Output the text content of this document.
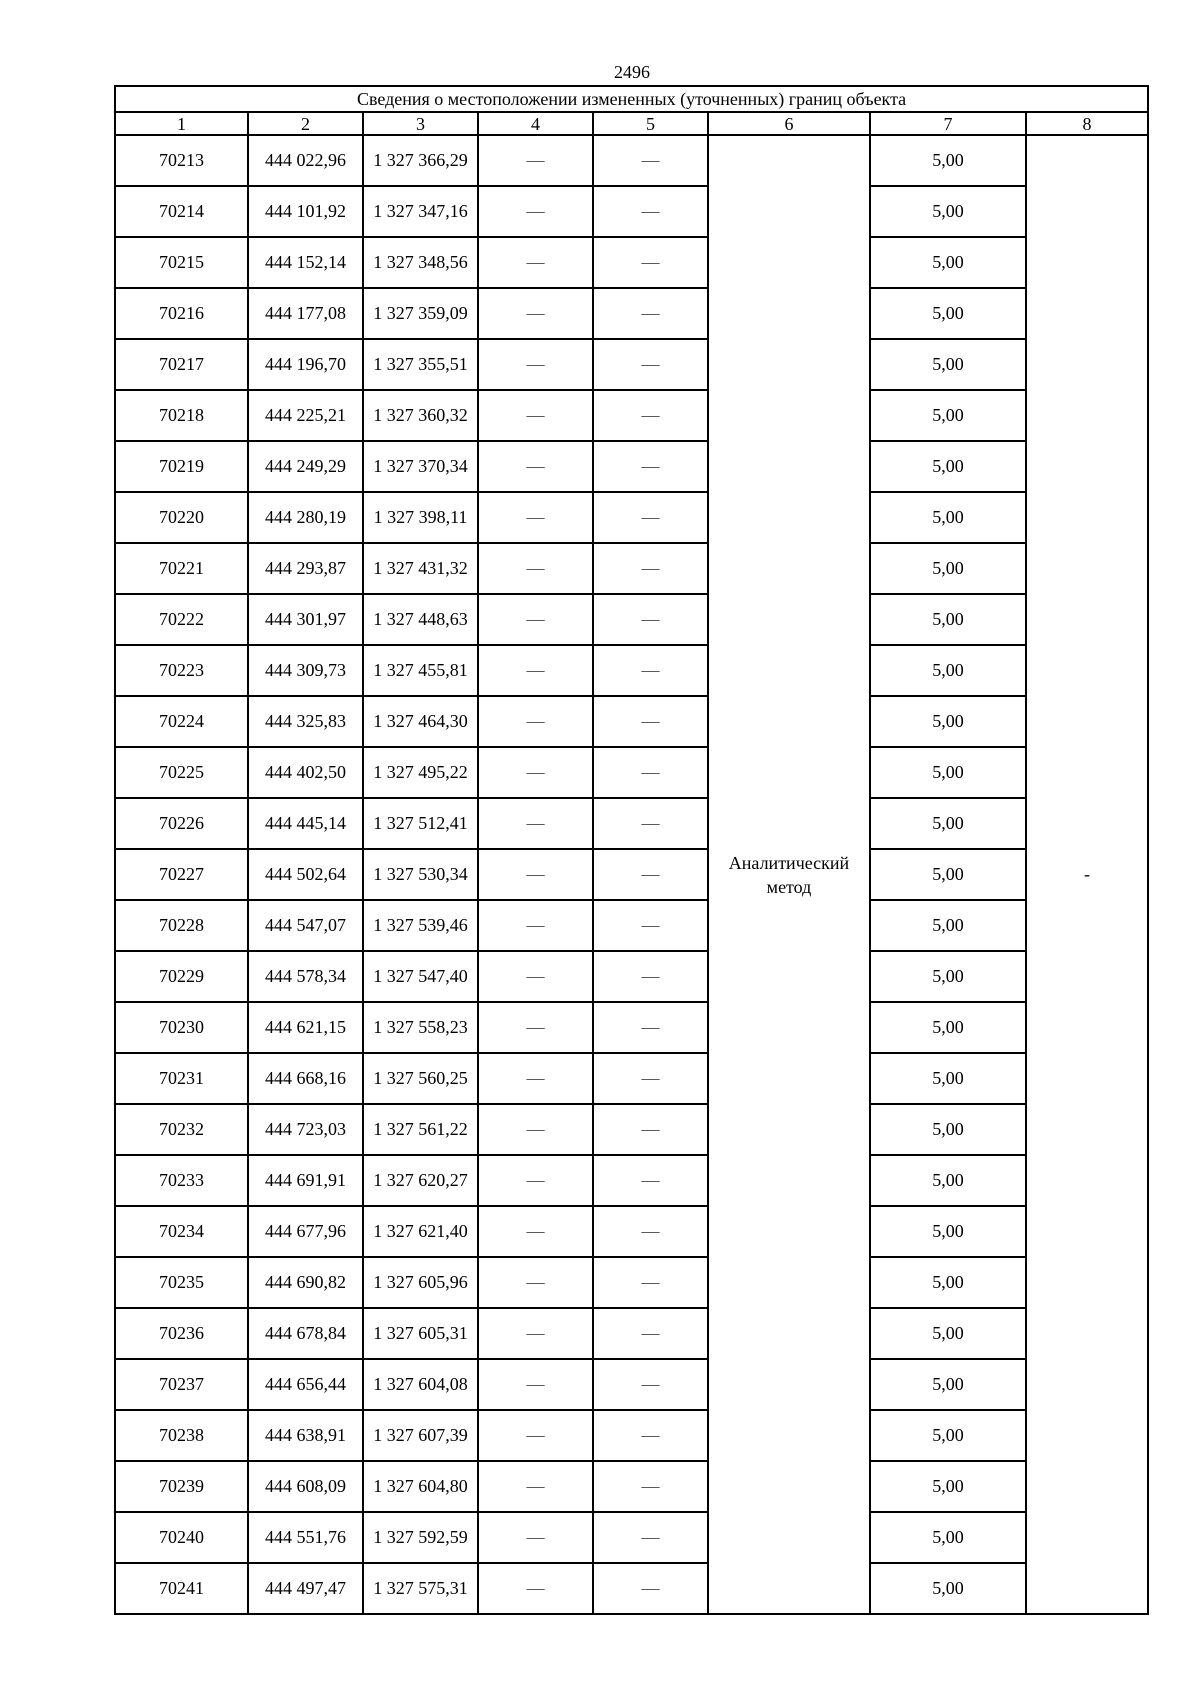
2496
Сведения о местоположении измененных (уточненных) границ объекта							
1	2	3	4	5	6	7	8
70213	444 022,96	1 327 366,29	—	—	Аналитический метод	5,00	-
70214	444 101,92	1 327 347,16	—	—		5,00	
70215	444 152,14	1 327 348,56	—	—		5,00	
70216	444 177,08	1 327 359,09	—	—		5,00	
70217	444 196,70	1 327 355,51	—	—		5,00	
70218	444 225,21	1 327 360,32	—	—		5,00	
70219	444 249,29	1 327 370,34	—	—		5,00	
70220	444 280,19	1 327 398,11	—	—		5,00	
70221	444 293,87	1 327 431,32	—	—		5,00	
70222	444 301,97	1 327 448,63	—	—		5,00	
70223	444 309,73	1 327 455,81	—	—		5,00	
70224	444 325,83	1 327 464,30	—	—		5,00	
70225	444 402,50	1 327 495,22	—	—		5,00	
70226	444 445,14	1 327 512,41	—	—		5,00	
70227	444 502,64	1 327 530,34	—	—		5,00	
70228	444 547,07	1 327 539,46	—	—		5,00	
70229	444 578,34	1 327 547,40	—	—		5,00	
70230	444 621,15	1 327 558,23	—	—		5,00	
70231	444 668,16	1 327 560,25	—	—		5,00	
70232	444 723,03	1 327 561,22	—	—		5,00	
70233	444 691,91	1 327 620,27	—	—		5,00	
70234	444 677,96	1 327 621,40	—	—		5,00	
70235	444 690,82	1 327 605,96	—	—		5,00	
70236	444 678,84	1 327 605,31	—	—		5,00	
70237	444 656,44	1 327 604,08	—	—		5,00	
70238	444 638,91	1 327 607,39	—	—		5,00	
70239	444 608,09	1 327 604,80	—	—		5,00	
70240	444 551,76	1 327 592,59	—	—		5,00	
70241	444 497,47	1 327 575,31	—	—		5,00	
